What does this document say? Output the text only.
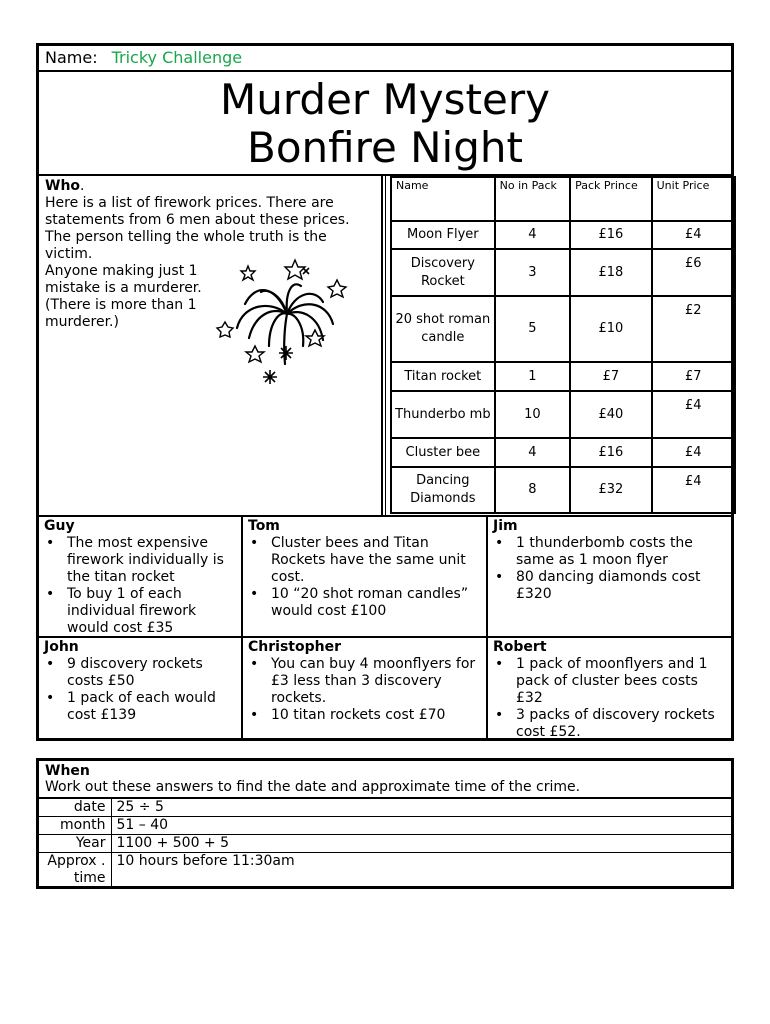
Name: Tricky Challenge
Murder Mystery
Bonfire Night
Who.
Here is a list of firework prices. There are statements from 6 men about these prices. The person telling the whole truth is the victim.
Anyone making just 1 mistake is a murderer. (There is more than 1 murderer.)
Name	No in Pack	Pack Prince	Unit Price
Moon Flyer	4	£16	£4
Discovery Rocket	3	£18	£6
20 shot roman candle	5	£10	£2
Titan rocket	1	£7	£7
Thunderbo mb	10	£40	£4
Cluster bee	4	£16	£4
Dancing Diamonds	8	£32	£4
Guy
• The most expensive firework individually is the titan rocket
• To buy 1 of each individual firework would cost £35
Tom
• Cluster bees and Titan Rockets have the same unit cost.
• 10 “20 shot roman candles” would cost £100
Jim
• 1 thunderbomb costs the same as 1 moon flyer
• 80 dancing diamonds cost £320
John
• 9 discovery rockets costs £50
• 1 pack of each would cost £139
Christopher
• You can buy 4 moonflyers for £3 less than 3 discovery rockets.
• 10 titan rockets cost £70
Robert
• 1 pack of moonflyers and 1 pack of cluster bees costs £32
• 3 packs of discovery rockets cost £52.
When
Work out these answers to find the date and approximate time of the crime.
date	25 ÷ 5
month	51 – 40
Year	1100 + 500 + 5
Approx . time	10 hours before 11:30am
